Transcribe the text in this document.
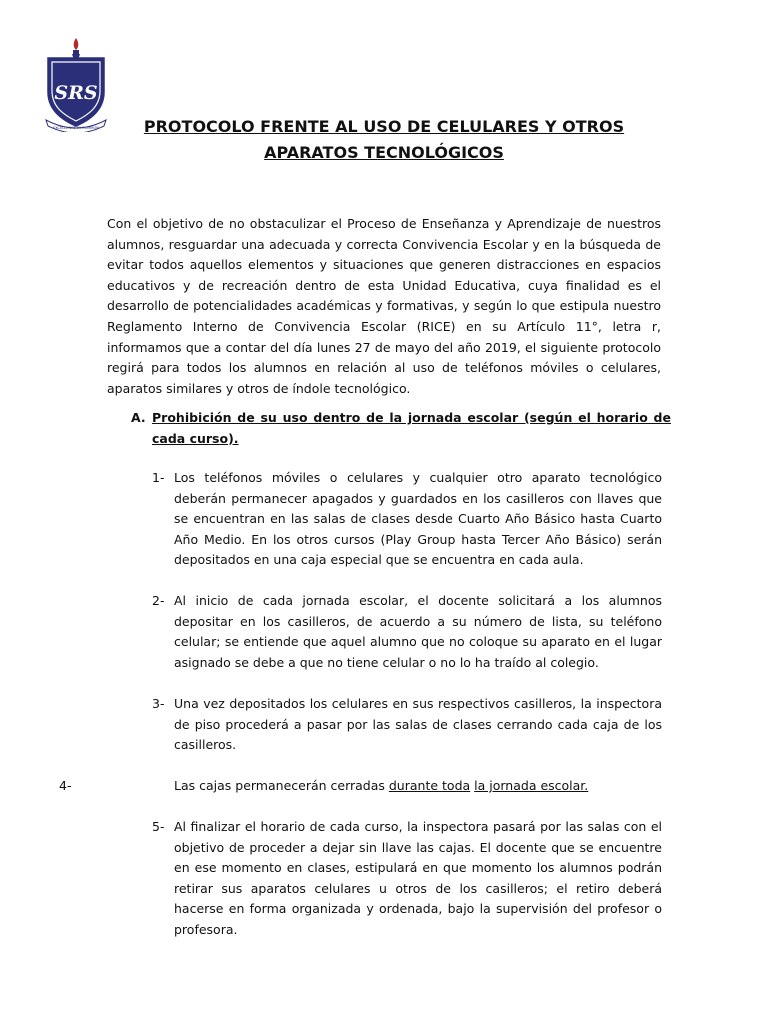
SRS
EXCELLENCE IN COMMON	PROTOCOLO FRENTE AL USO DE CELULARES Y OTROS APARATOS TECNOLÓGICOS

Con el objetivo de no obstaculizar el Proceso de Enseñanza y Aprendizaje de nuestros alumnos, resguardar una adecuada y correcta Convivencia Escolar y en la búsqueda de evitar todos aquellos elementos y situaciones que generen distracciones en espacios educativos y de recreación dentro de esta Unidad Educativa, cuya finalidad es el desarrollo de potencialidades académicas y formativas, y según lo que estipula nuestro Reglamento Interno de Convivencia Escolar (RICE) en su Artículo 11°, letra r, informamos que a contar del día lunes 27 de mayo del año 2019, el siguiente protocolo regirá para todos los alumnos en relación al uso de teléfonos móviles o celulares, aparatos similares y otros de índole tecnológico.

A. Prohibición de su uso dentro de la jornada escolar (según el horario de cada curso).
1- Los teléfonos móviles o celulares y cualquier otro aparato tecnológico deberán permanecer apagados y guardados en los casilleros con llaves que se encuentran en las salas de clases desde Cuarto Año Básico hasta Cuarto Año Medio. En los otros cursos (Play Group hasta Tercer Año Básico) serán depositados en una caja especial que se encuentra en cada aula.
2- Al inicio de cada jornada escolar, el docente solicitará a los alumnos depositar en los casilleros, de acuerdo a su número de lista, su teléfono celular; se entiende que aquel alumno que no coloque su aparato en el lugar asignado se debe a que no tiene celular o no lo ha traído al colegio.
3- Una vez depositados los celulares en sus respectivos casilleros, la inspectora de piso procederá a pasar por las salas de clases cerrando cada caja de los casilleros.
4-	Las cajas permanecerán cerradas durante toda la jornada escolar.
5- Al finalizar el horario de cada curso, la inspectora pasará por las salas con el objetivo de proceder a dejar sin llave las cajas. El docente que se encuentre en ese momento en clases, estipulará en que momento los alumnos podrán retirar sus aparatos celulares u otros de los casilleros; el retiro deberá hacerse en forma organizada y ordenada, bajo la supervisión del profesor o profesora.
